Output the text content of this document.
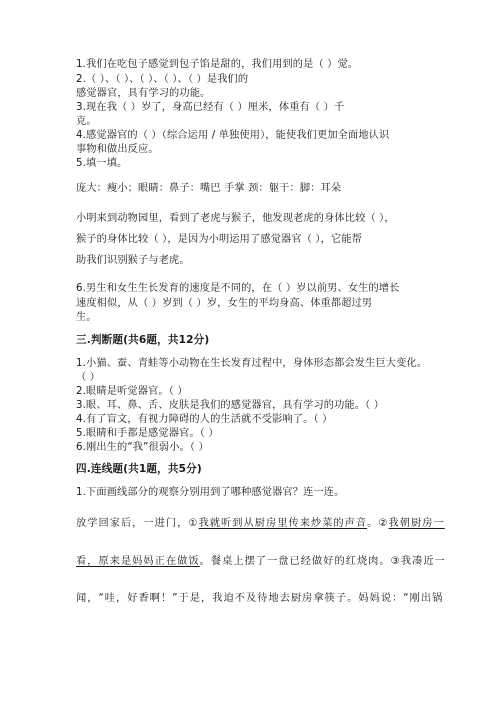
1.我们在吃包子感觉到包子馅是甜的，我们用到的是（ ）觉。
2.（ ）、（ ）、（ ）、（ ）、（ ）是我们的
感觉器官，具有学习的功能。
3.现在我（ ）岁了，身高已经有（ ）厘米，体重有（ ）千
克。
4.感觉器官的（ ）（综合运用 / 单独使用），能使我们更加全面地认识
事物和做出反应。
5.填一填。
庞大：瘦小；眼睛：鼻子：嘴巴 手掌 颈：躯干：脚：耳朵
小明来到动物园里，看到了老虎与猴子，他发现老虎的身体比较（ ），
猴子的身体比较（ ），是因为小明运用了感觉器官（ ），它能帮
助我们识别猴子与老虎。
6.男生和女生生长发育的速度是不同的，在（ ）岁以前男、女生的增长
速度相似，从（ ）岁到（ ）岁，女生的平均身高、体重都超过男
生。
三.判断题(共6题，共12分)
1.小猫、蚕、青蛙等小动物在生长发育过程中，身体形态都会发生巨大变化。
（ ）
2.眼睛是听觉器官。（ ）
3.眼、耳、鼻、舌、皮肤是我们的感觉器官，具有学习的功能。（ ）
4.有了盲文，有视力障碍的人的生活就不受影响了。（ ）
5.眼睛和手都是感觉器官。（ ）
6.刚出生的“我”很弱小。（ ）
四.连线题(共1题，共5分)
1.下面画线部分的观察分别用到了哪种感觉器官？连一连。
放学回家后，一进门，①我就听到从厨房里传来炒菜的声音。②我朝厨房一
看，原来是妈妈正在做饭。餐桌上摆了一盘已经做好的红烧肉。③我凑近一
闻，“哇，好香啊！”于是，我迫不及待地去厨房拿筷子。妈妈说：“刚出锅
